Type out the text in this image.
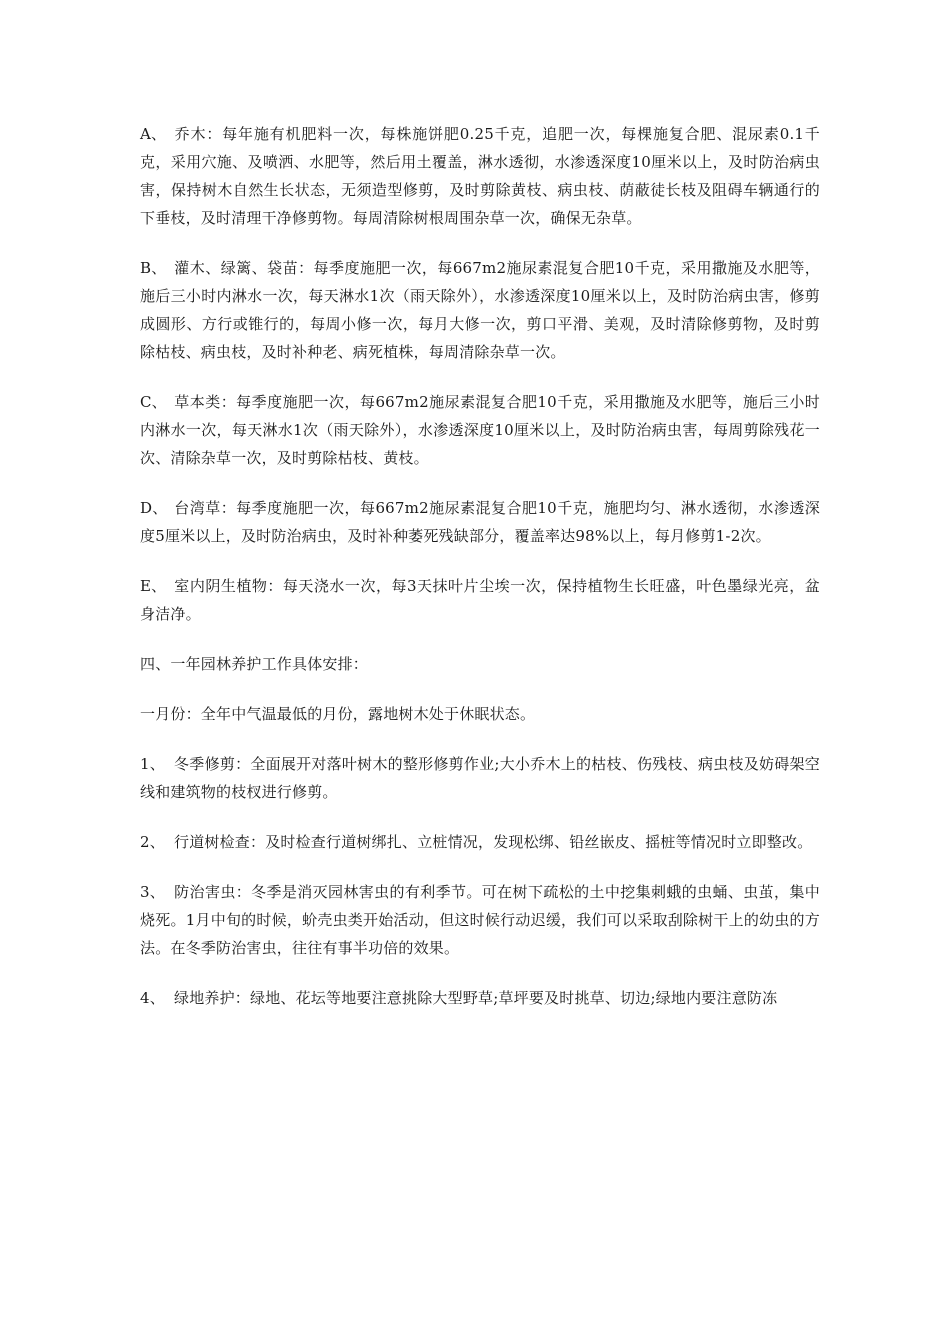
A、 乔木：每年施有机肥料一次，每株施饼肥0.25千克，追肥一次，每棵施复合肥、混尿素0.1千克，采用穴施、及喷洒、水肥等，然后用土覆盖，淋水透彻，水渗透深度10厘米以上，及时防治病虫害，保持树木自然生长状态，无须造型修剪，及时剪除黄枝、病虫枝、荫蔽徒长枝及阻碍车辆通行的下垂枝，及时清理干净修剪物。每周清除树根周围杂草一次，确保无杂草。

B、 灌木、绿篱、袋苗：每季度施肥一次，每667m2施尿素混复合肥10千克，采用撒施及水肥等，施后三小时内淋水一次，每天淋水1次（雨天除外），水渗透深度10厘米以上，及时防治病虫害，修剪成圆形、方行或锥行的，每周小修一次，每月大修一次，剪口平滑、美观，及时清除修剪物，及时剪除枯枝、病虫枝，及时补种老、病死植株，每周清除杂草一次。

C、 草本类：每季度施肥一次，每667m2施尿素混复合肥10千克，采用撒施及水肥等，施后三小时内淋水一次，每天淋水1次（雨天除外），水渗透深度10厘米以上，及时防治病虫害，每周剪除残花一次、清除杂草一次，及时剪除枯枝、黄枝。

D、 台湾草：每季度施肥一次，每667m2施尿素混复合肥10千克，施肥均匀、淋水透彻，水渗透深度5厘米以上，及时防治病虫，及时补种萎死残缺部分，覆盖率达98%以上，每月修剪1-2次。

E、 室内阴生植物：每天浇水一次，每3天抹叶片尘埃一次，保持植物生长旺盛，叶色墨绿光亮，盆身洁净。

四、一年园林养护工作具体安排：

一月份：全年中气温最低的月份，露地树木处于休眠状态。

1、 冬季修剪：全面展开对落叶树木的整形修剪作业;大小乔木上的枯枝、伤残枝、病虫枝及妨碍架空线和建筑物的枝杈进行修剪。

2、 行道树检查：及时检查行道树绑扎、立桩情况，发现松绑、铅丝嵌皮、摇桩等情况时立即整改。

3、 防治害虫：冬季是消灭园林害虫的有利季节。可在树下疏松的土中挖集刺蛾的虫蛹、虫茧，集中烧死。1月中旬的时候，蚧壳虫类开始活动，但这时候行动迟缓，我们可以采取刮除树干上的幼虫的方法。在冬季防治害虫，往往有事半功倍的效果。

4、 绿地养护：绿地、花坛等地要注意挑除大型野草;草坪要及时挑草、切边;绿地内要注意防冻
